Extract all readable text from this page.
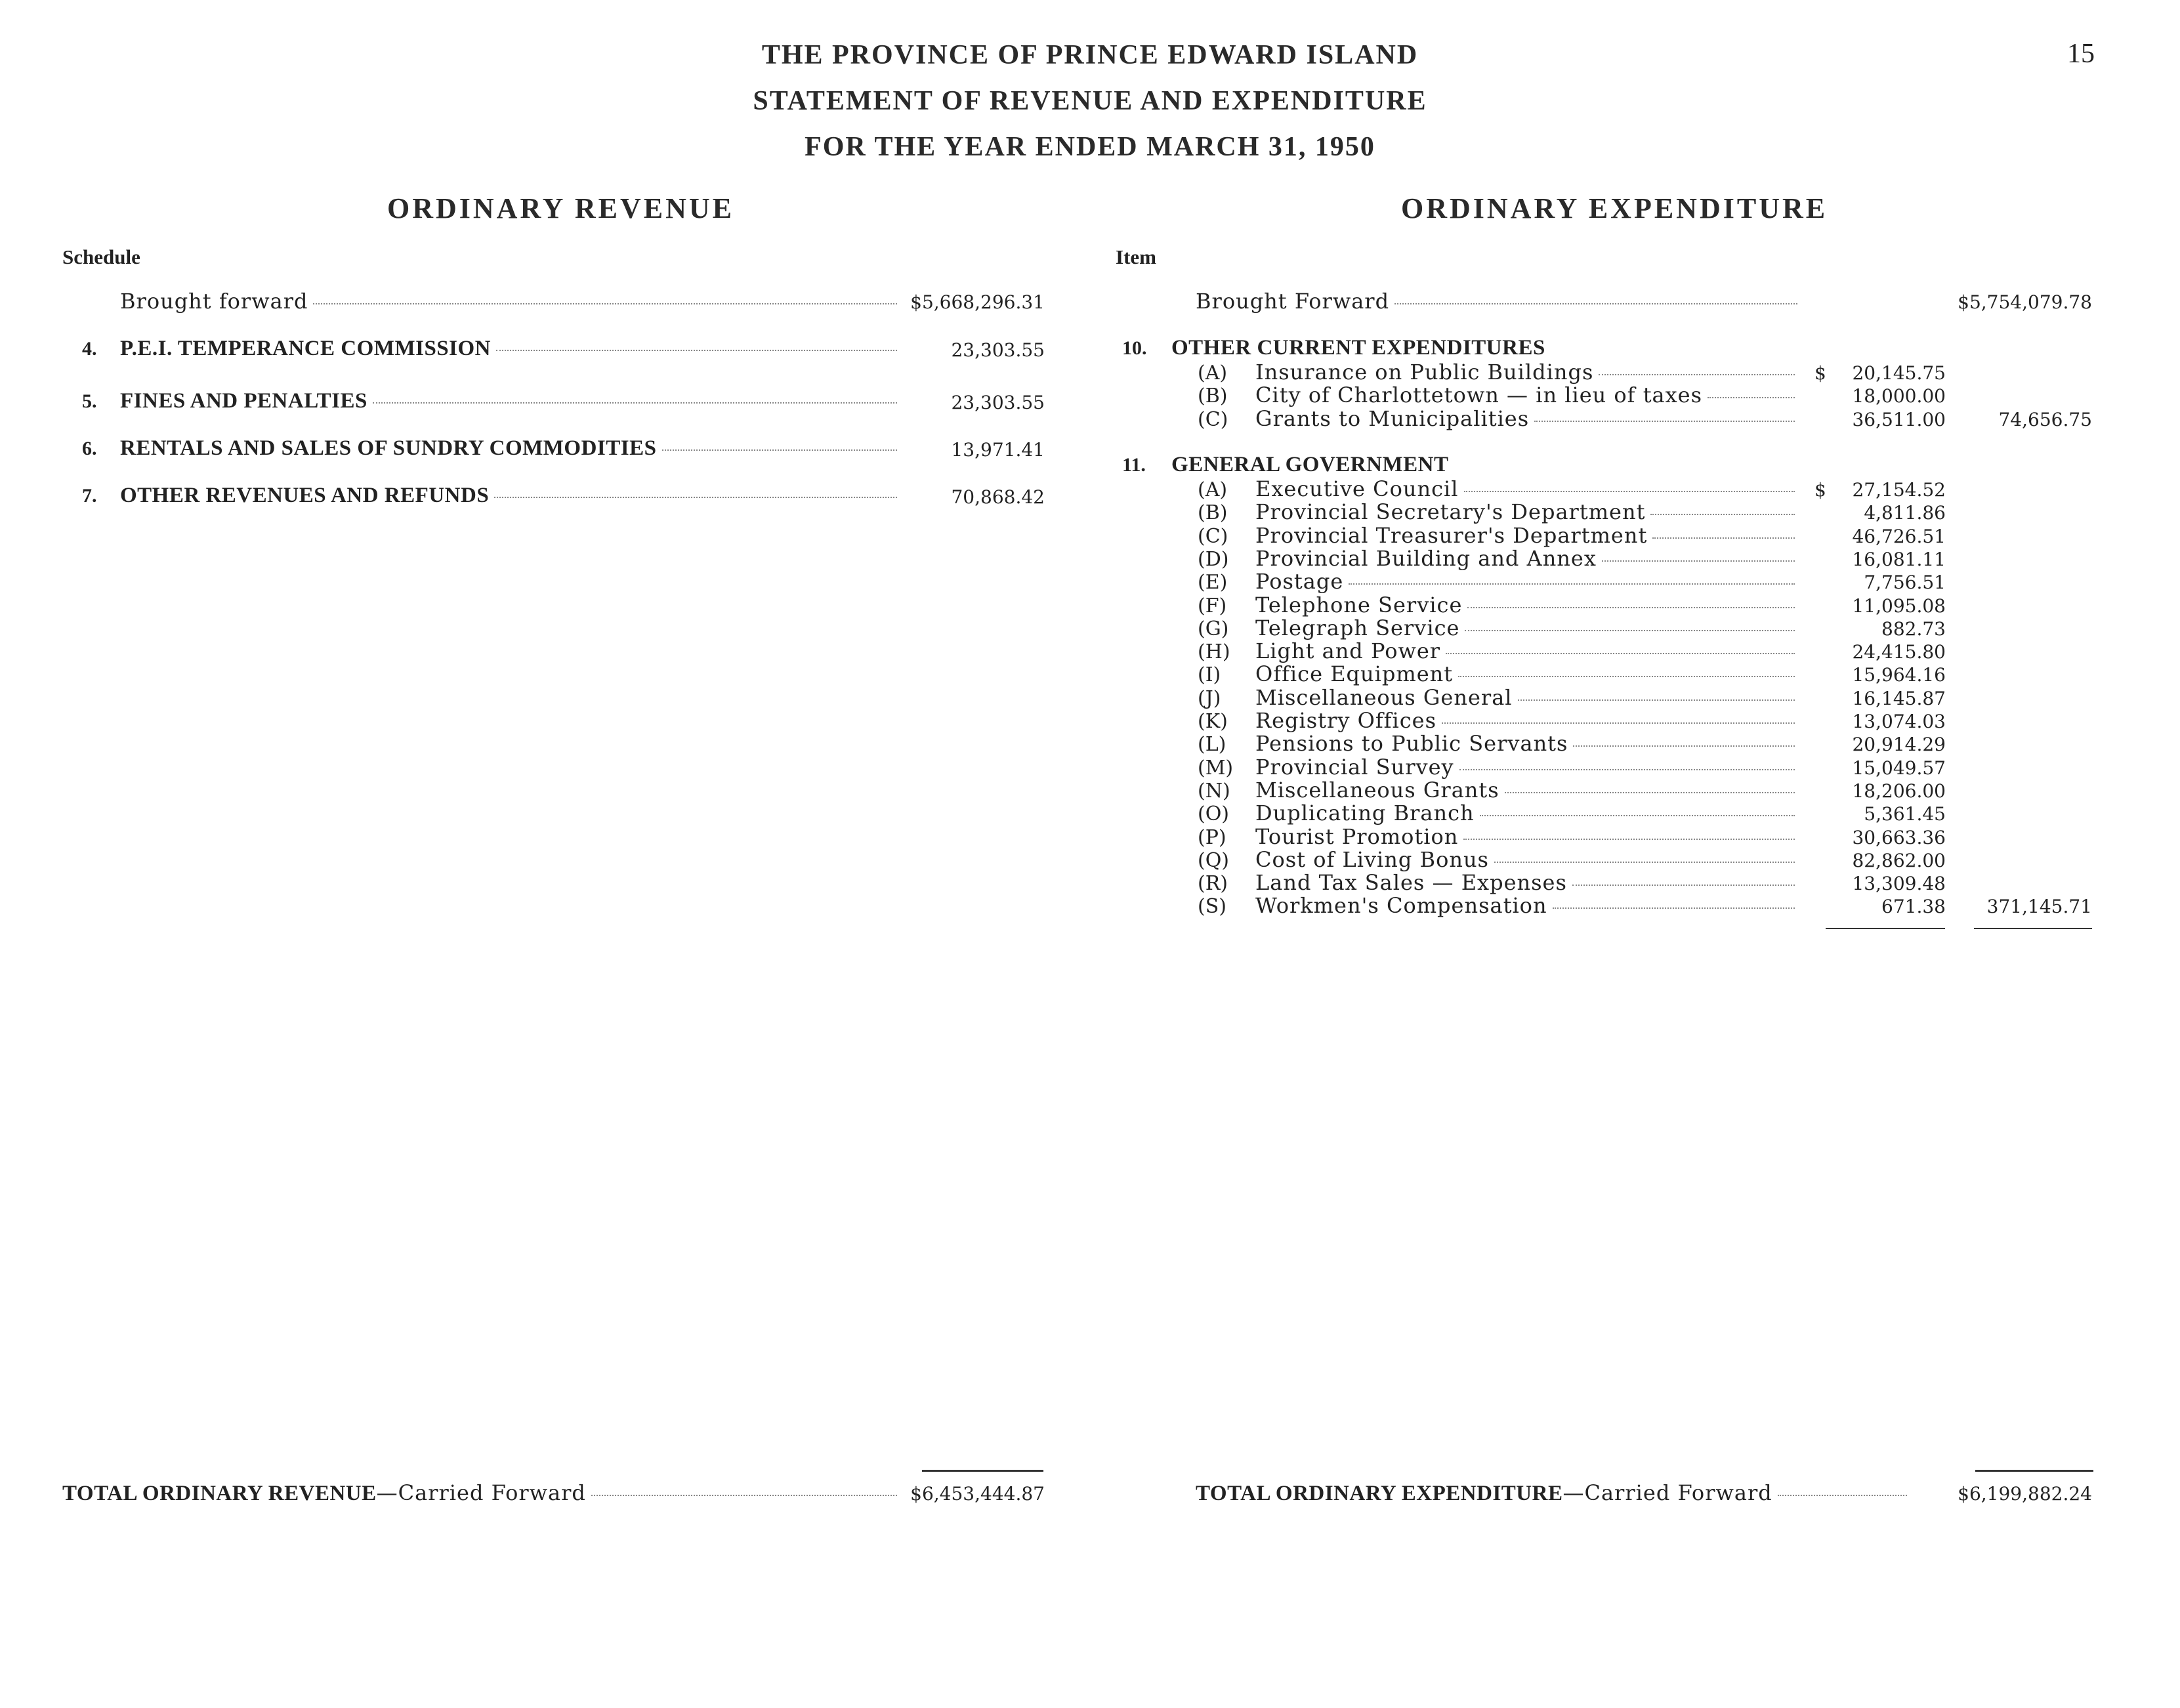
THE PROVINCE OF PRINCE EDWARD ISLAND
STATEMENT OF REVENUE AND EXPENDITURE
FOR THE YEAR ENDED MARCH 31, 1950
15
ORDINARY REVENUE	ORDINARY EXPENDITURE
Schedule	Item
Brought forward	$5,668,296.31
4.	P.E.I. TEMPERANCE COMMISSION	23,303.55
5.	FINES AND PENALTIES	23,303.55
6.	RENTALS AND SALES OF SUNDRY COMMODITIES	13,971.41
7.	OTHER REVENUES AND REFUNDS	70,868.42
Brought Forward	$5,754,079.78
10.	OTHER CURRENT EXPENDITURES
(A)	Insurance on Public Buildings	$	20,145.75
(B)	City of Charlottetown — in lieu of taxes	18,000.00
(C)	Grants to Municipalities	36,511.00	74,656.75
11.	GENERAL GOVERNMENT
(A)	Executive Council	$	27,154.52
(B)	Provincial Secretary's Department	4,811.86
(C)	Provincial Treasurer's Department	46,726.51
(D)	Provincial Building and Annex	16,081.11
(E)	Postage	7,756.51
(F)	Telephone Service	11,095.08
(G)	Telegraph Service	882.73
(H)	Light and Power	24,415.80
(I)	Office Equipment	15,964.16
(J)	Miscellaneous General	16,145.87
(K)	Registry Offices	13,074.03
(L)	Pensions to Public Servants	20,914.29
(M)	Provincial Survey	15,049.57
(N)	Miscellaneous Grants	18,206.00
(O)	Duplicating Branch	5,361.45
(P)	Tourist Promotion	30,663.36
(Q)	Cost of Living Bonus	82,862.00
(R)	Land Tax Sales — Expenses	13,309.48
(S)	Workmen's Compensation	671.38	371,145.71
TOTAL ORDINARY REVENUE —Carried Forward	$6,453,444.87	TOTAL ORDINARY EXPENDITURE —Carried Forward	$6,199,882.24
